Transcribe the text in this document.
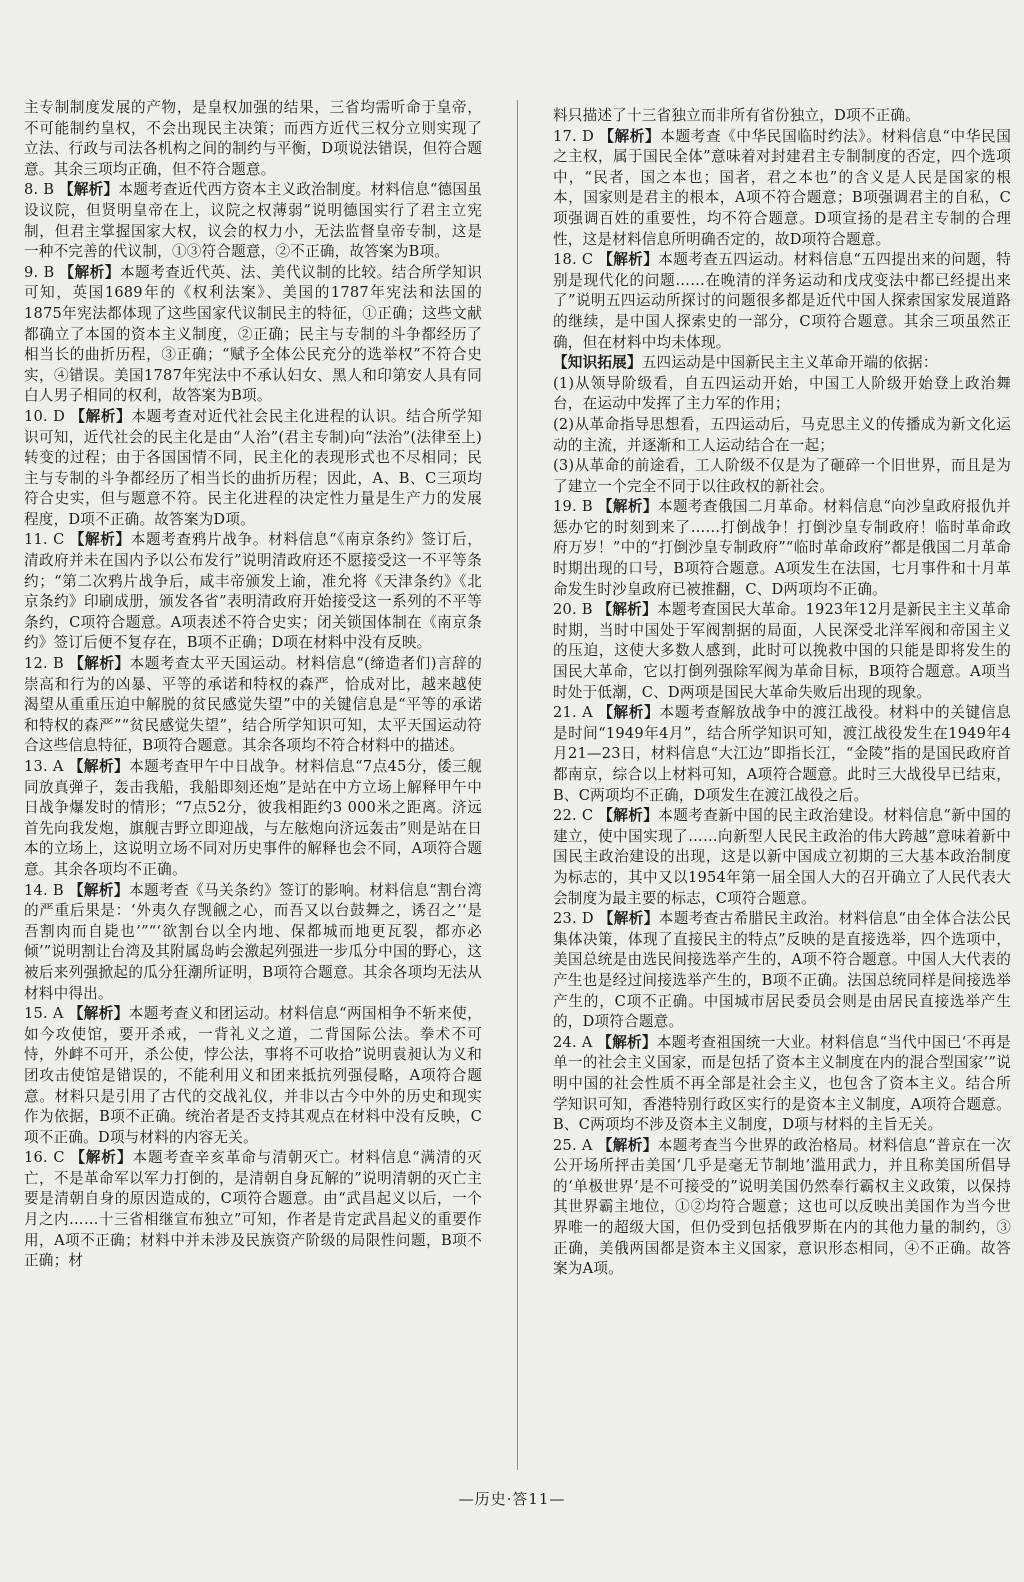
主专制制度发展的产物，是皇权加强的结果，三省均需听命于皇帝，不可能制约皇权，不会出现民主决策；而西方近代三权分立则实现了立法、行政与司法各机构之间的制约与平衡，D项说法错误，但符合题意。其余三项均正确，但不符合题意。

8. B 【解析】本题考查近代西方资本主义政治制度。材料信息“德国虽设议院，但贤明皇帝在上，议院之权薄弱”说明德国实行了君主立宪制，但君主掌握国家大权，议会的权力小，无法监督皇帝专制，这是一种不完善的代议制，①③符合题意，②不正确，故答案为B项。

9. B 【解析】本题考查近代英、法、美代议制的比较。结合所学知识可知，英国1689年的《权利法案》、美国的1787年宪法和法国的1875年宪法都体现了这些国家代议制民主的特征，①正确；这些文献都确立了本国的资本主义制度，②正确；民主与专制的斗争都经历了相当长的曲折历程，③正确；“赋予全体公民充分的选举权”不符合史实，④错误。美国1787年宪法中不承认妇女、黑人和印第安人具有同白人男子相同的权利，故答案为B项。

10. D 【解析】本题考查对近代社会民主化进程的认识。结合所学知识可知，近代社会的民主化是由“人治”(君主专制)向“法治”(法律至上)转变的过程；由于各国国情不同，民主化的表现形式也不尽相同；民主与专制的斗争都经历了相当长的曲折历程；因此，A、B、C三项均符合史实，但与题意不符。民主化进程的决定性力量是生产力的发展程度，D项不正确。故答案为D项。

11. C 【解析】本题考查鸦片战争。材料信息“《南京条约》签订后，清政府并未在国内予以公布发行”说明清政府还不愿接受这一不平等条约；“第二次鸦片战争后，咸丰帝颁发上谕，准允将《天津条约》《北京条约》印刷成册，颁发各省”表明清政府开始接受这一系列的不平等条约，C项符合题意。A项表述不符合史实；闭关锁国体制在《南京条约》签订后便不复存在，B项不正确；D项在材料中没有反映。

12. B 【解析】本题考查太平天国运动。材料信息“(缔造者们)言辞的崇高和行为的凶暴、平等的承诺和特权的森严，恰成对比，越来越使渴望从重重压迫中解脱的贫民感觉失望”中的关键信息是“平等的承诺和特权的森严”“贫民感觉失望”，结合所学知识可知，太平天国运动符合这些信息特征，B项符合题意。其余各项均不符合材料中的描述。

13. A 【解析】本题考查甲午中日战争。材料信息“7点45分，倭三舰同放真弹子，轰击我船，我船即刻还炮”是站在中方立场上解释甲午中日战争爆发时的情形；“7点52分，彼我相距约3 000米之距离。济远首先向我发炮，旗舰吉野立即迎战，与左舷炮向济远轰击”则是站在日本的立场上，这说明立场不同对历史事件的解释也会不同，A项符合题意。其余各项均不正确。

14. B 【解析】本题考查《马关条约》签订的影响。材料信息“割台湾的严重后果是：‘外夷久存觊觎之心，而吾又以台鼓舞之，诱召之’‘是吾割肉而自毙也’”“‘欲割台以全内地、保都城而地更瓦裂，都亦必倾’”说明割让台湾及其附属岛屿会激起列强进一步瓜分中国的野心，这被后来列强掀起的瓜分狂潮所证明，B项符合题意。其余各项均无法从材料中得出。

15. A 【解析】本题考查义和团运动。材料信息“两国相争不斩来使，如今攻使馆，要开杀戒，一背礼义之道，二背国际公法。拳术不可恃，外衅不可开，杀公使，悖公法，事将不可收拾”说明袁昶认为义和团攻击使馆是错误的，不能利用义和团来抵抗列强侵略，A项符合题意。材料只是引用了古代的交战礼仪，并非以古今中外的历史和现实作为依据，B项不正确。统治者是否支持其观点在材料中没有反映，C项不正确。D项与材料的内容无关。

16. C 【解析】本题考查辛亥革命与清朝灭亡。材料信息“满清的灭亡，不是革命军以军力打倒的，是清朝自身瓦解的”说明清朝的灭亡主要是清朝自身的原因造成的，C项符合题意。由“武昌起义以后，一个月之内……十三省相继宣布独立”可知，作者是肯定武昌起义的重要作用，A项不正确；材料中并未涉及民族资产阶级的局限性问题，B项不正确；材

料只描述了十三省独立而非所有省份独立，D项不正确。

17. D 【解析】本题考查《中华民国临时约法》。材料信息“中华民国之主权，属于国民全体”意味着对封建君主专制制度的否定，四个选项中，“民者，国之本也；国者，君之本也”的含义是人民是国家的根本，国家则是君主的根本，A项不符合题意；B项强调君主的自私，C项强调百姓的重要性，均不符合题意。D项宣扬的是君主专制的合理性，这是材料信息所明确否定的，故D项符合题意。

18. C 【解析】本题考查五四运动。材料信息“五四提出来的问题，特别是现代化的问题……在晚清的洋务运动和戊戌变法中都已经提出来了”说明五四运动所探讨的问题很多都是近代中国人探索国家发展道路的继续，是中国人探索史的一部分，C项符合题意。其余三项虽然正确，但在材料中均未体现。

【知识拓展】五四运动是中国新民主主义革命开端的依据：

(1)从领导阶级看，自五四运动开始，中国工人阶级开始登上政治舞台，在运动中发挥了主力军的作用；

(2)从革命指导思想看，五四运动后，马克思主义的传播成为新文化运动的主流，并逐渐和工人运动结合在一起；

(3)从革命的前途看，工人阶级不仅是为了砸碎一个旧世界，而且是为了建立一个完全不同于以往政权的新社会。

19. B 【解析】本题考查俄国二月革命。材料信息“向沙皇政府报仇并惩办它的时刻到来了……打倒战争！打倒沙皇专制政府！临时革命政府万岁！”中的“打倒沙皇专制政府”“临时革命政府”都是俄国二月革命时期出现的口号，B项符合题意。A项发生在法国，七月事件和十月革命发生时沙皇政府已被推翻，C、D两项均不正确。

20. B 【解析】本题考查国民大革命。1923年12月是新民主主义革命时期，当时中国处于军阀割据的局面，人民深受北洋军阀和帝国主义的压迫，这使大多数人感到，此时可以挽救中国的只能是即将发生的国民大革命，它以打倒列强除军阀为革命目标，B项符合题意。A项当时处于低潮，C、D两项是国民大革命失败后出现的现象。

21. A 【解析】本题考查解放战争中的渡江战役。材料中的关键信息是时间“1949年4月”，结合所学知识可知，渡江战役发生在1949年4月21—23日，材料信息“大江边”即指长江，“金陵”指的是国民政府首都南京，综合以上材料可知，A项符合题意。此时三大战役早已结束，B、C两项均不正确，D项发生在渡江战役之后。

22. C 【解析】本题考查新中国的民主政治建设。材料信息“新中国的建立，使中国实现了……向新型人民民主政治的伟大跨越”意味着新中国民主政治建设的出现，这是以新中国成立初期的三大基本政治制度为标志的，其中又以1954年第一届全国人大的召开确立了人民代表大会制度为最主要的标志，C项符合题意。

23. D 【解析】本题考查古希腊民主政治。材料信息“由全体合法公民集体决策，体现了直接民主的特点”反映的是直接选举，四个选项中，美国总统是由选民间接选举产生的，A项不符合题意。中国人大代表的产生也是经过间接选举产生的，B项不正确。法国总统同样是间接选举产生的，C项不正确。中国城市居民委员会则是由居民直接选举产生的，D项符合题意。

24. A 【解析】本题考查祖国统一大业。材料信息“当代中国已‘不再是单一的社会主义国家，而是包括了资本主义制度在内的混合型国家’”说明中国的社会性质不再全部是社会主义，也包含了资本主义。结合所学知识可知，香港特别行政区实行的是资本主义制度，A项符合题意。B、C两项均不涉及资本主义制度，D项与材料的主旨无关。

25. A 【解析】本题考查当今世界的政治格局。材料信息“普京在一次公开场所抨击美国‘几乎是毫无节制地’滥用武力，并且称美国所倡导的‘单极世界’是不可接受的”说明美国仍然奉行霸权主义政策，以保持其世界霸主地位，①②均符合题意；这也可以反映出美国作为当今世界唯一的超级大国，但仍受到包括俄罗斯在内的其他力量的制约，③正确，美俄两国都是资本主义国家，意识形态相同，④不正确。故答案为A项。

—历史·答11—
